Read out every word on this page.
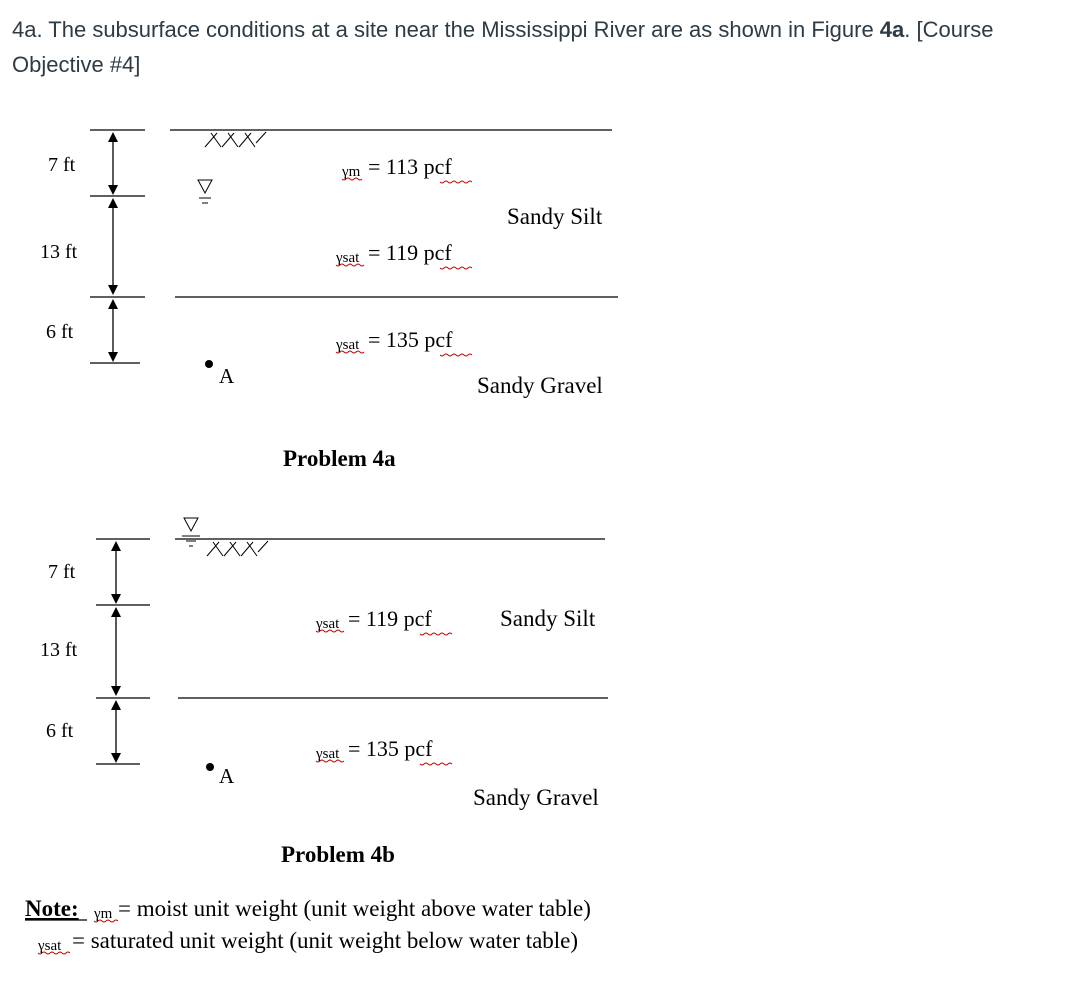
4a. The subsurface conditions at a site near the Mississippi River are as shown in Figure 4a. [Course Objective #4]
7 ft
13 ft
6 ft
γm = 113 pcf
γsat = 119 pcf
γsat = 135 pcf
Sandy Silt
Sandy Gravel
A
Problem 4a
7 ft
13 ft
6 ft
γsat = 119 pcf	Sandy Silt
γsat = 135 pcf
Sandy Gravel
A
Problem 4b
Note: γm = moist unit weight (unit weight above water table)
γsat = saturated unit weight (unit weight below water table)
